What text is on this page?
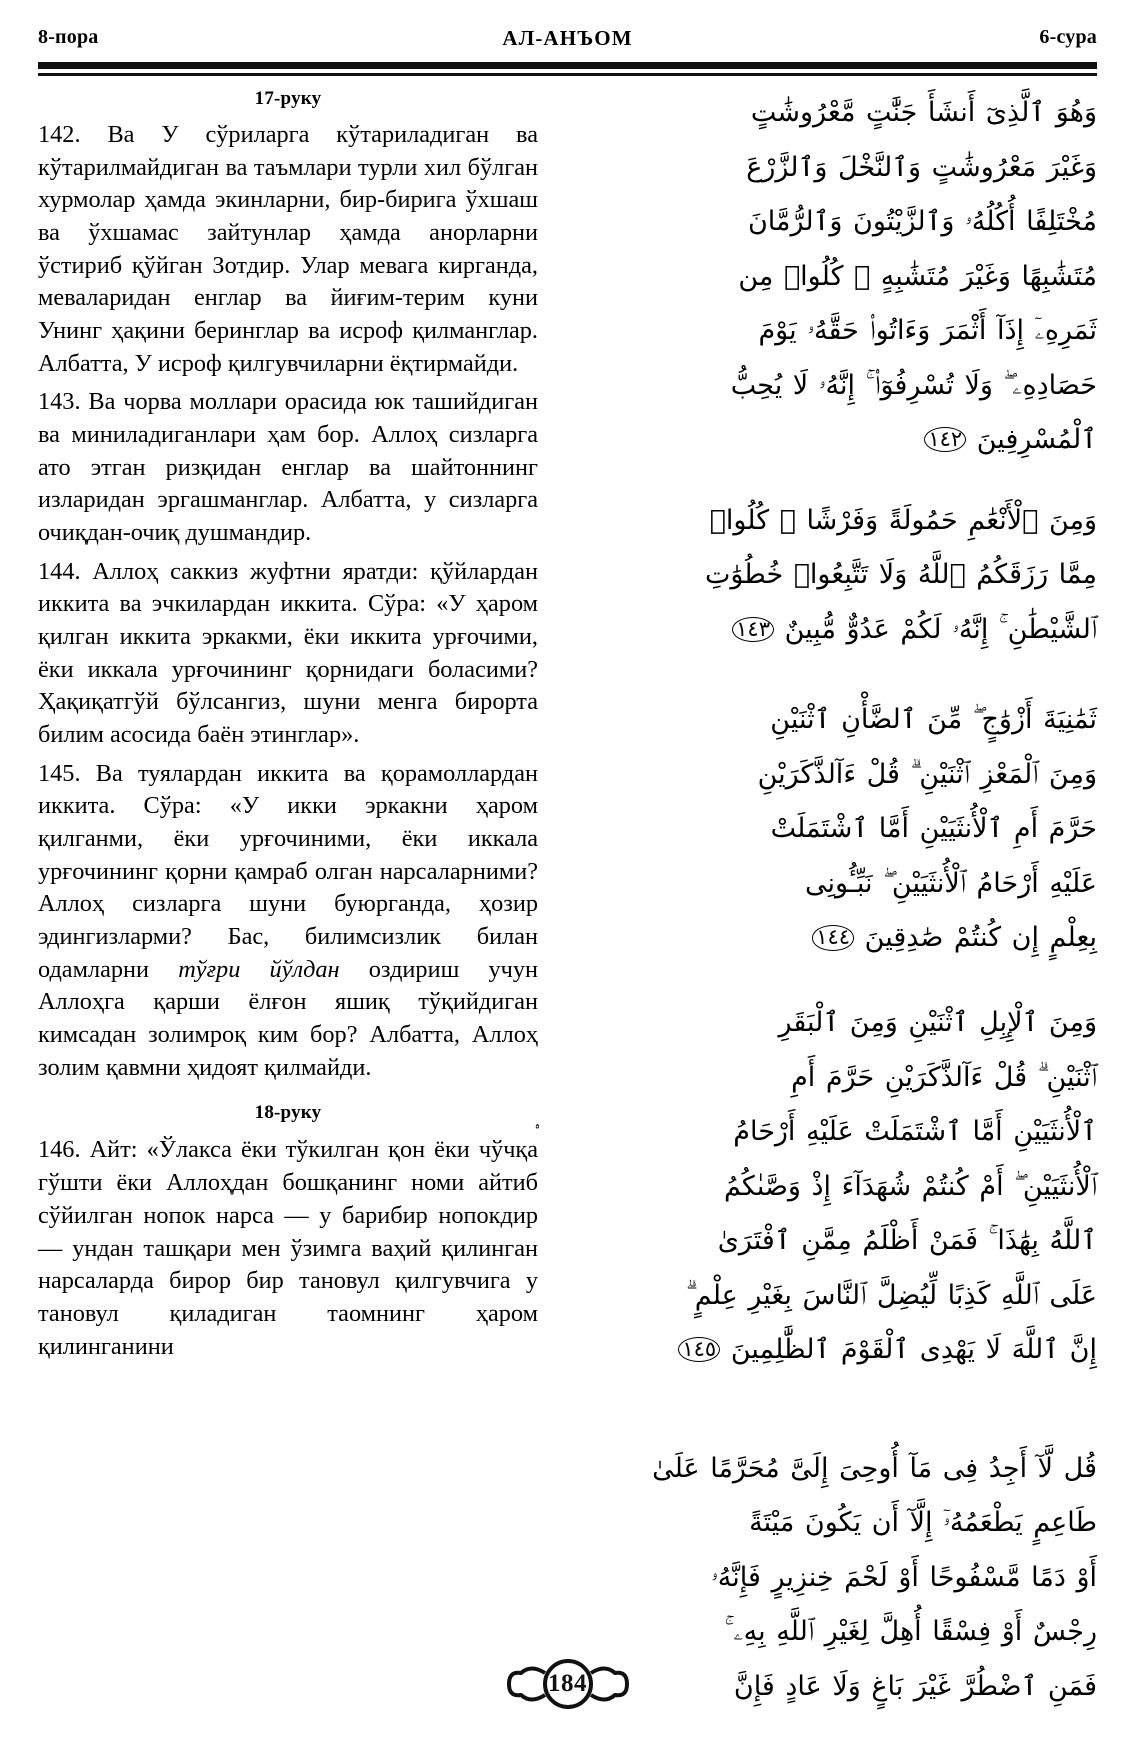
8-пора	АЛ-АНЪОМ	6-сура
17-руку

142. Ва У сўриларга кўтариладиган ва кўтарилмайдиган ва таъмлари турли хил бўлган хурмолар ҳамда экинларни, бир-бирига ўхшаш ва ўхшамас зайтунлар ҳамда анорларни ўстириб қўйган Зотдир. Улар мевага кирганда, меваларидан енглар ва йиғим-терим куни Унинг ҳақини беринглар ва исроф қилманглар. Албатта, У исроф қилгувчиларни ёқтирмайди.

143. Ва чорва моллари орасида юк ташийдиган ва миниладиганлари ҳам бор. Аллоҳ сизларга ато этган ризқидан енглар ва шайтоннинг изларидан эргашманглар. Албатта, у сизларга очиқдан-очиқ душмандир.

144. Аллоҳ саккиз жуфтни яратди: қўйлардан иккита ва эчкилардан иккита. Сўра: «У ҳаром қилган иккита эркакми, ёки иккита урғочими, ёки иккала урғочининг қорнидаги боласими? Ҳақиқатгўй бўлсангиз, шуни менга бирорта билим асосида баён этинглар».

145. Ва туялардан иккита ва қорамоллардан иккита. Сўра: «У икки эркакни ҳаром қилганми, ёки урғочиними, ёки иккала урғочининг қорни қамраб олган нарсаларними? Аллоҳ сизларга шуни буюрганда, ҳозир эдингизларми? Бас, билимсизлик билан одамларни тўғри йўлдан оздириш учун Аллоҳга қарши ёлғон яшиқ тўқийдиган кимсадан золимроқ ким бор? Албатта, Аллоҳ золим қавмни ҳидоят қилмайди.

18-руку

146. Айт: «Ўлакса ёки тўкилган қон ёки чўчқа гўшти ёки Аллоҳдан бошқанинг номи айтиб сўйилган нопок нарса — у барибир нопокдир — ундан ташқари мен ўзимга ваҳий қилинган нарсаларда бирор бир тановул қилгувчига у тановул қиладиган таомнинг ҳаром қилинганини

وَهُوَ ٱلَّذِىٓ أَنشَأَ جَنَّٰتٍ مَّعْرُوشَٰتٍ
وَغَيْرَ مَعْرُوشَٰتٍ وَٱلنَّخْلَ وَٱلزَّرْعَ
مُخْتَلِفًا أُكُلُهُۥ وَٱلزَّيْتُونَ وَٱلرُّمَّانَ
مُتَشَٰبِهًا وَغَيْرَ مُتَشَٰبِهٍ ۚ كُلُوا۟ مِن
ثَمَرِهِۦٓ إِذَآ أَثْمَرَ وَءَاتُوا۟ حَقَّهُۥ يَوْمَ
حَصَادِهِۦ ۖ وَلَا تُسْرِفُوٓا۟ ۚ إِنَّهُۥ لَا يُحِبُّ
ٱلْمُسْرِفِينَ ١٤٢
وَمِنَ ٱلْأَنْعَٰمِ حَمُولَةً وَفَرْشًا ۚ كُلُوا۟
مِمَّا رَزَقَكُمُ ٱللَّهُ وَلَا تَتَّبِعُوا۟ خُطُوَٰتِ
ٱلشَّيْطَٰنِ ۚ إِنَّهُۥ لَكُمْ عَدُوٌّ مُّبِينٌ ١٤٣
ثَمَٰنِيَةَ أَزْوَٰجٍ ۖ مِّنَ ٱلضَّأْنِ ٱثْنَيْنِ
وَمِنَ ٱلْمَعْزِ ٱثْنَيْنِ ۗ قُلْ ءَآلذَّكَرَيْنِ
حَرَّمَ أَمِ ٱلْأُنثَيَيْنِ أَمَّا ٱشْتَمَلَتْ
عَلَيْهِ أَرْحَامُ ٱلْأُنثَيَيْنِ ۖ نَبِّـُٔونِى
بِعِلْمٍ إِن كُنتُمْ صَٰدِقِينَ ١٤٤
وَمِنَ ٱلْإِبِلِ ٱثْنَيْنِ وَمِنَ ٱلْبَقَرِ
ٱثْنَيْنِ ۗ قُلْ ءَآلذَّكَرَيْنِ حَرَّمَ أَمِ
ٱلْأُنثَيَيْنِ أَمَّا ٱشْتَمَلَتْ عَلَيْهِ أَرْحَامُ
ٱلْأُنثَيَيْنِ ۖ أَمْ كُنتُمْ شُهَدَآءَ إِذْ وَصَّىٰكُمُ
ٱللَّهُ بِهَٰذَا ۚ فَمَنْ أَظْلَمُ مِمَّنِ ٱفْتَرَىٰ
عَلَى ٱللَّهِ كَذِبًا لِّيُضِلَّ ٱلنَّاسَ بِغَيْرِ عِلْمٍ ۗ
إِنَّ ٱللَّهَ لَا يَهْدِى ٱلْقَوْمَ ٱلظَّٰلِمِينَ ١٤٥
قُل لَّآ أَجِدُ فِى مَآ أُوحِىَ إِلَىَّ مُحَرَّمًا عَلَىٰ
طَاعِمٍ يَطْعَمُهُۥٓ إِلَّآ أَن يَكُونَ مَيْتَةً
أَوْ دَمًا مَّسْفُوحًا أَوْ لَحْمَ خِنزِيرٍ فَإِنَّهُۥ
رِجْسٌ أَوْ فِسْقًا أُهِلَّ لِغَيْرِ ٱللَّهِ بِهِۦ ۚ
فَمَنِ ٱضْطُرَّ غَيْرَ بَاغٍ وَلَا عَادٍ فَإِنَّ
184
